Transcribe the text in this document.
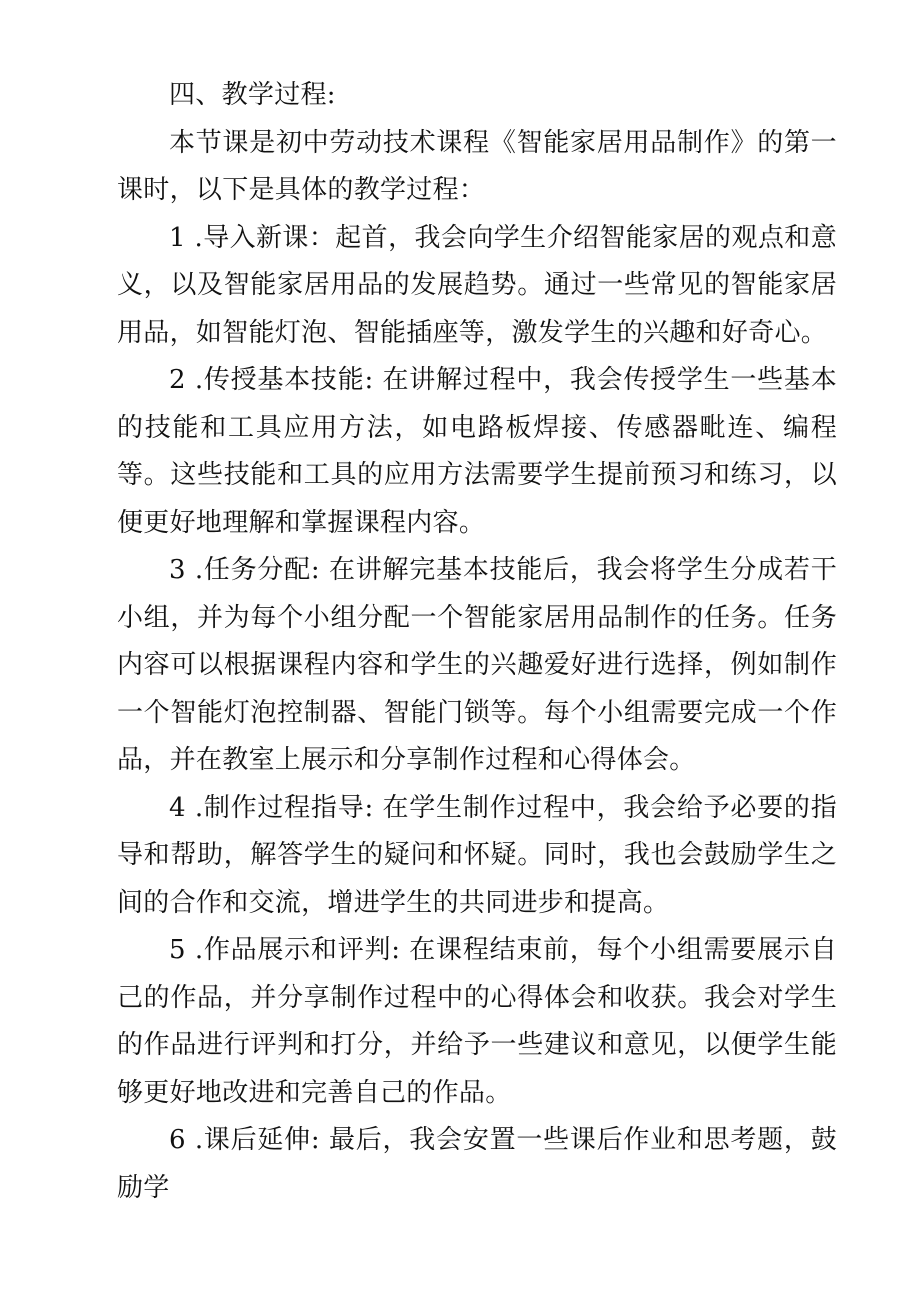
四、教学过程:

本节课是初中劳动技术课程《智能家居用品制作》的第一课时，以下是具体的教学过程：

1 .导入新课：起首，我会向学生介绍智能家居的观点和意义，以及智能家居用品的发展趋势。通过一些常见的智能家居用品，如智能灯泡、智能插座等，激发学生的兴趣和好奇心。

2 .传授基本技能: 在讲解过程中，我会传授学生一些基本的技能和工具应用方法，如电路板焊接、传感器毗连、编程等。这些技能和工具的应用方法需要学生提前预习和练习，以便更好地理解和掌握课程内容。

3 .任务分配: 在讲解完基本技能后，我会将学生分成若干小组，并为每个小组分配一个智能家居用品制作的任务。任务内容可以根据课程内容和学生的兴趣爱好进行选择，例如制作一个智能灯泡控制器、智能门锁等。每个小组需要完成一个作品，并在教室上展示和分享制作过程和心得体会。

4 .制作过程指导: 在学生制作过程中，我会给予必要的指导和帮助，解答学生的疑问和怀疑。同时，我也会鼓励学生之间的合作和交流，增进学生的共同进步和提高。

5 .作品展示和评判: 在课程结束前，每个小组需要展示自己的作品，并分享制作过程中的心得体会和收获。我会对学生的作品进行评判和打分，并给予一些建议和意见，以便学生能够更好地改进和完善自己的作品。

6 .课后延伸: 最后，我会安置一些课后作业和思考题，鼓励学
